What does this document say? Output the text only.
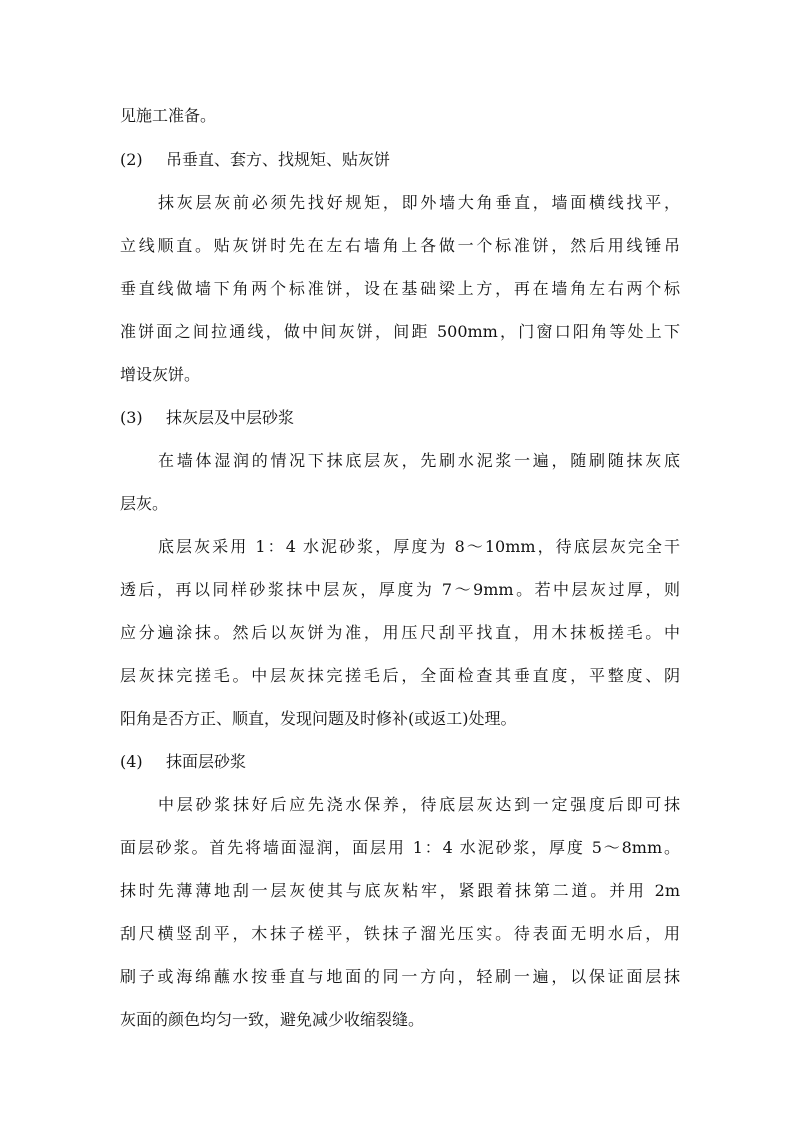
见施工准备。
(2) 吊垂直、套方、找规矩、贴灰饼
抹灰层灰前必须先找好规矩，即外墙大角垂直，墙面横线找平，
立线顺直。贴灰饼时先在左右墙角上各做一个标准饼，然后用线锤吊
垂直线做墙下角两个标准饼，设在基础梁上方，再在墙角左右两个标
准饼面之间拉通线，做中间灰饼，间距 500mm，门窗口阳角等处上下
增设灰饼。
(3) 抹灰层及中层砂浆
在墙体湿润的情况下抹底层灰，先刷水泥浆一遍，随刷随抹灰底
层灰。
底层灰采用 1：4 水泥砂浆，厚度为 8～10mm，待底层灰完全干
透后，再以同样砂浆抹中层灰，厚度为 7～9mm。若中层灰过厚，则
应分遍涂抹。然后以灰饼为准，用压尺刮平找直，用木抹板搓毛。中
层灰抹完搓毛。中层灰抹完搓毛后，全面检查其垂直度，平整度、阴
阳角是否方正、顺直，发现问题及时修补(或返工)处理。
(4) 抹面层砂浆
中层砂浆抹好后应先浇水保养，待底层灰达到一定强度后即可抹
面层砂浆。首先将墙面湿润，面层用 1：4 水泥砂浆，厚度 5～8mm。
抹时先薄薄地刮一层灰使其与底灰粘牢，紧跟着抹第二道。并用 2m
刮尺横竖刮平，木抹子槎平，铁抹子溜光压实。待表面无明水后，用
刷子或海绵蘸水按垂直与地面的同一方向，轻刷一遍，以保证面层抹
灰面的颜色均匀一致，避免减少收缩裂缝。
